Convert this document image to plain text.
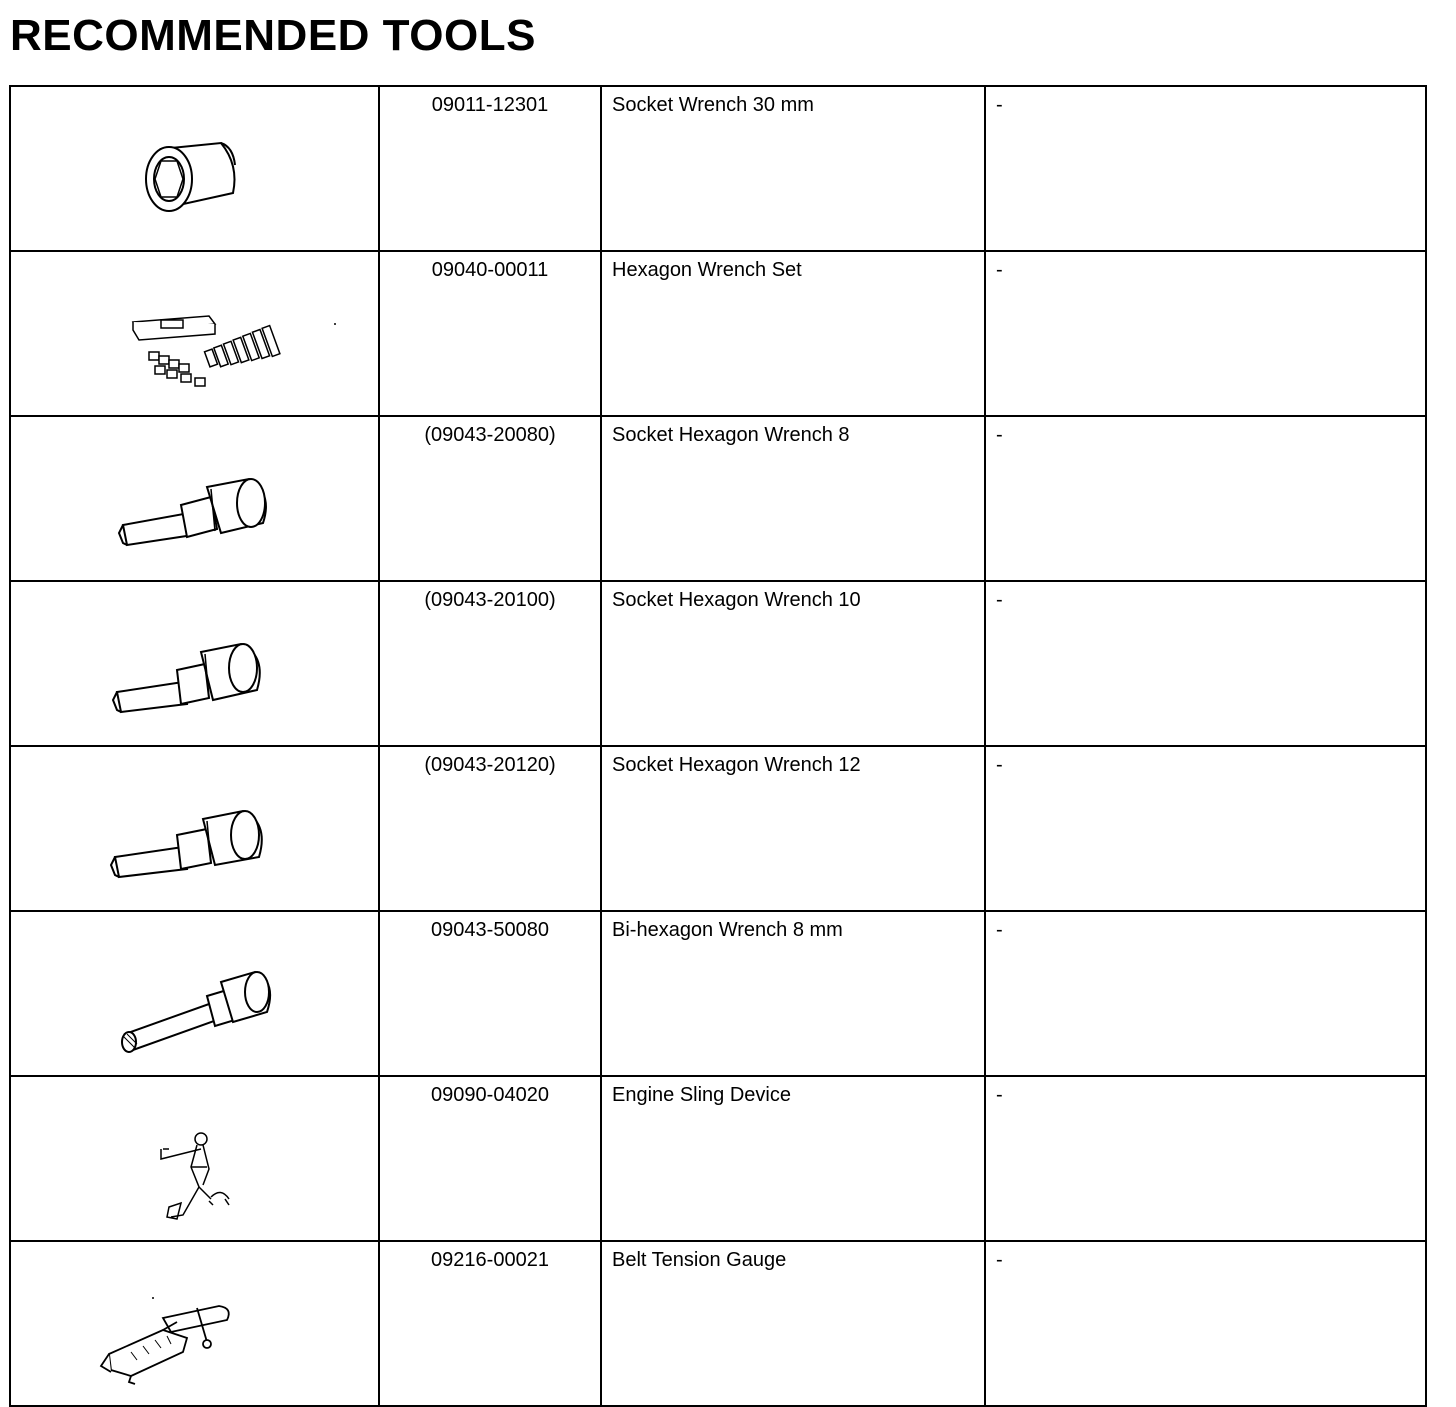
RECOMMENDED TOOLS
	09011-12301	Socket Wrench 30 mm	-

	09040-00011	Hexagon Wrench Set	-

	(09043-20080)	Socket Hexagon Wrench 8	-

	(09043-20100)	Socket Hexagon Wrench 10	-

	(09043-20120)	Socket Hexagon Wrench 12	-

	09043-50080	Bi-hexagon Wrench 8 mm	-

	09090-04020	Engine Sling Device	-

	09216-00021	Belt Tension Gauge	-
